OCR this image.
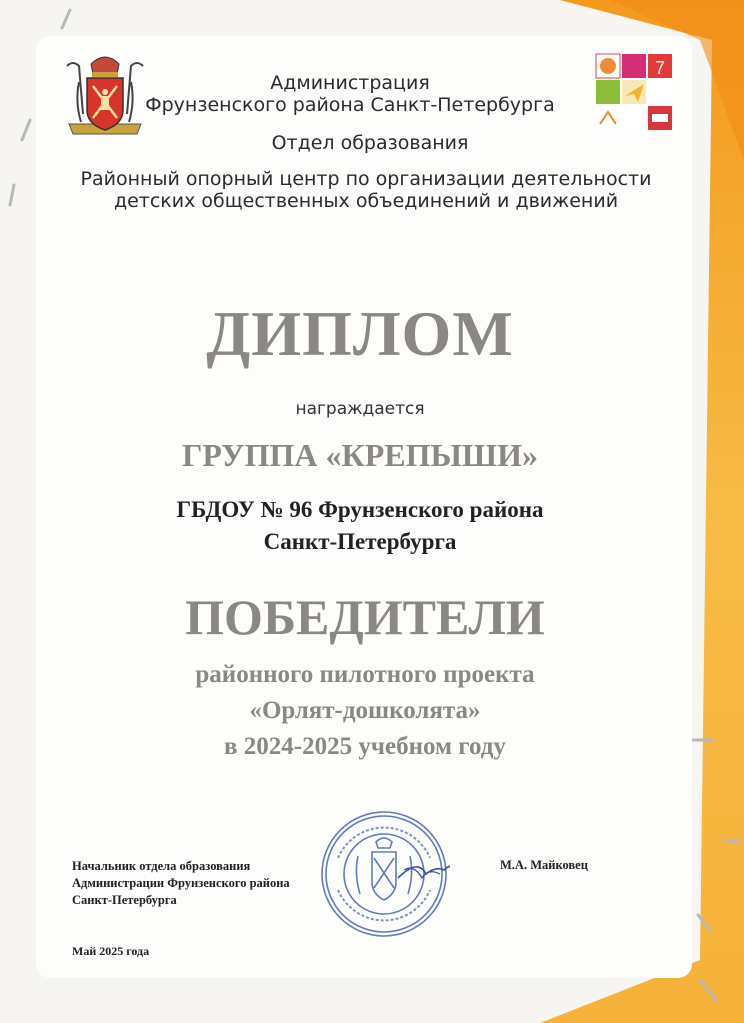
7
Администрация
Фрунзенского района Санкт-Петербурга
Отдел образования
Районный опорный центр по организации деятельности
детских общественных объединений и движений
ДИПЛОМ
награждается
ГРУППА «КРЕПЫШИ»
ГБДОУ № 96 Фрунзенского района
Санкт-Петербурга
ПОБЕДИТЕЛИ
районного пилотного проекта
«Орлят-дошколята»
в 2024-2025 учебном году
Начальник отдела образования
Администрации Фрунзенского района
Санкт-Петербурга
М.А. Майковец
Май 2025 года
